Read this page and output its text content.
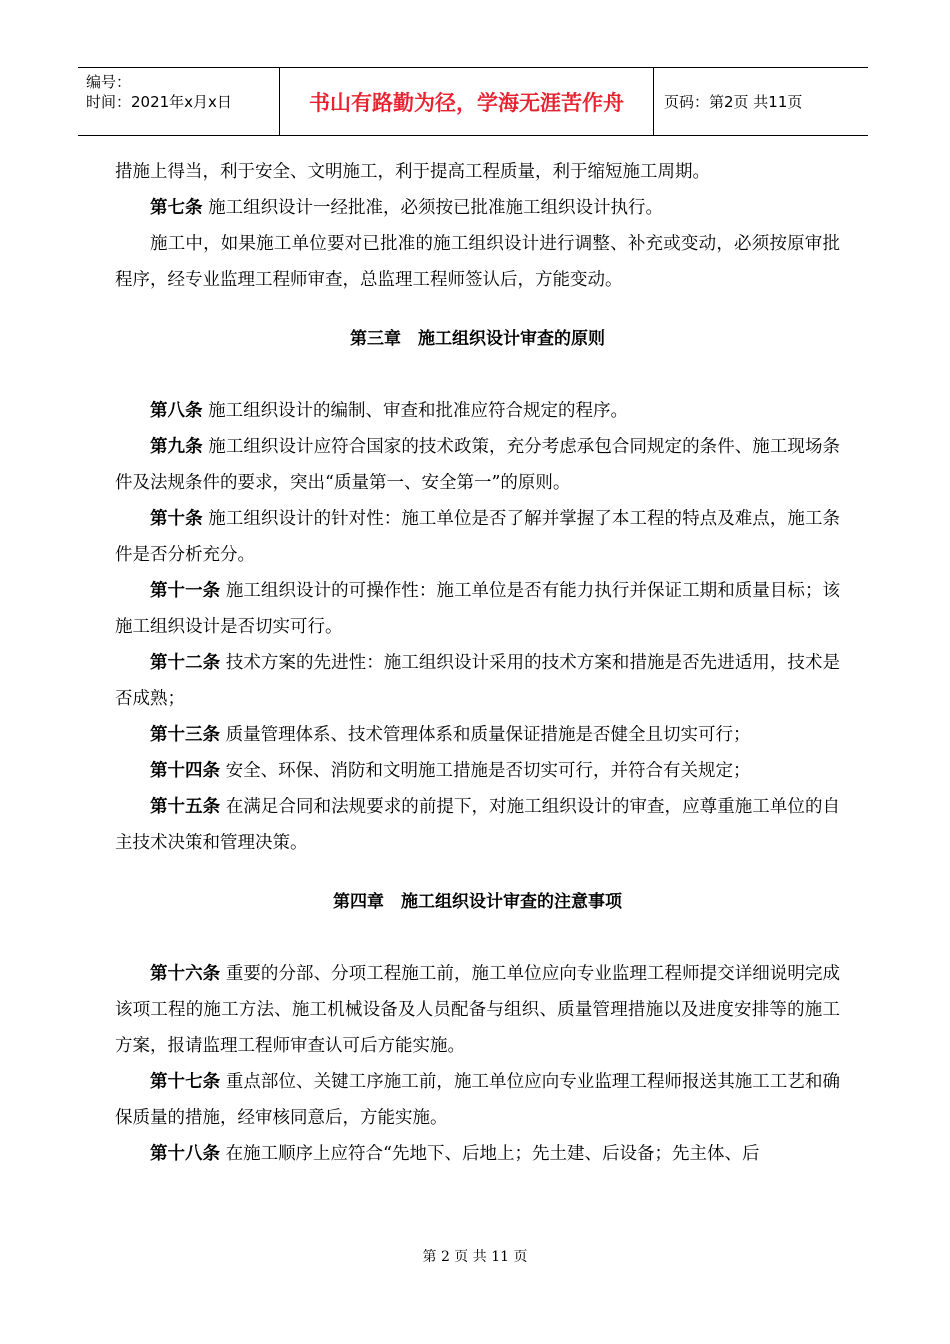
编号：
时间：2021年x月x日	书山有路勤为径，学海无涯苦作舟	页码：第2页 共11页

措施上得当，利于安全、文明施工，利于提高工程质量，利于缩短施工周期。

第七条 施工组织设计一经批准，必须按已批准施工组织设计执行。

施工中，如果施工单位要对已批准的施工组织设计进行调整、补充或变动，必须按原审批程序，经专业监理工程师审查，总监理工程师签认后，方能变动。

第三章　施工组织设计审查的原则

第八条 施工组织设计的编制、审查和批准应符合规定的程序。

第九条 施工组织设计应符合国家的技术政策，充分考虑承包合同规定的条件、施工现场条件及法规条件的要求，突出“质量第一、安全第一”的原则。

第十条 施工组织设计的针对性：施工单位是否了解并掌握了本工程的特点及难点，施工条件是否分析充分。

第十一条 施工组织设计的可操作性：施工单位是否有能力执行并保证工期和质量目标；该施工组织设计是否切实可行。

第十二条 技术方案的先进性：施工组织设计采用的技术方案和措施是否先进适用，技术是否成熟；

第十三条 质量管理体系、技术管理体系和质量保证措施是否健全且切实可行；

第十四条 安全、环保、消防和文明施工措施是否切实可行，并符合有关规定；

第十五条 在满足合同和法规要求的前提下，对施工组织设计的审查，应尊重施工单位的自主技术决策和管理决策。

第四章　施工组织设计审查的注意事项

第十六条 重要的分部、分项工程施工前，施工单位应向专业监理工程师提交详细说明完成该项工程的施工方法、施工机械设备及人员配备与组织、质量管理措施以及进度安排等的施工方案，报请监理工程师审查认可后方能实施。

第十七条 重点部位、关键工序施工前，施工单位应向专业监理工程师报送其施工工艺和确保质量的措施，经审核同意后，方能实施。

第十八条 在施工顺序上应符合“先地下、后地上；先土建、后设备；先主体、后

第 2 页 共 11 页
